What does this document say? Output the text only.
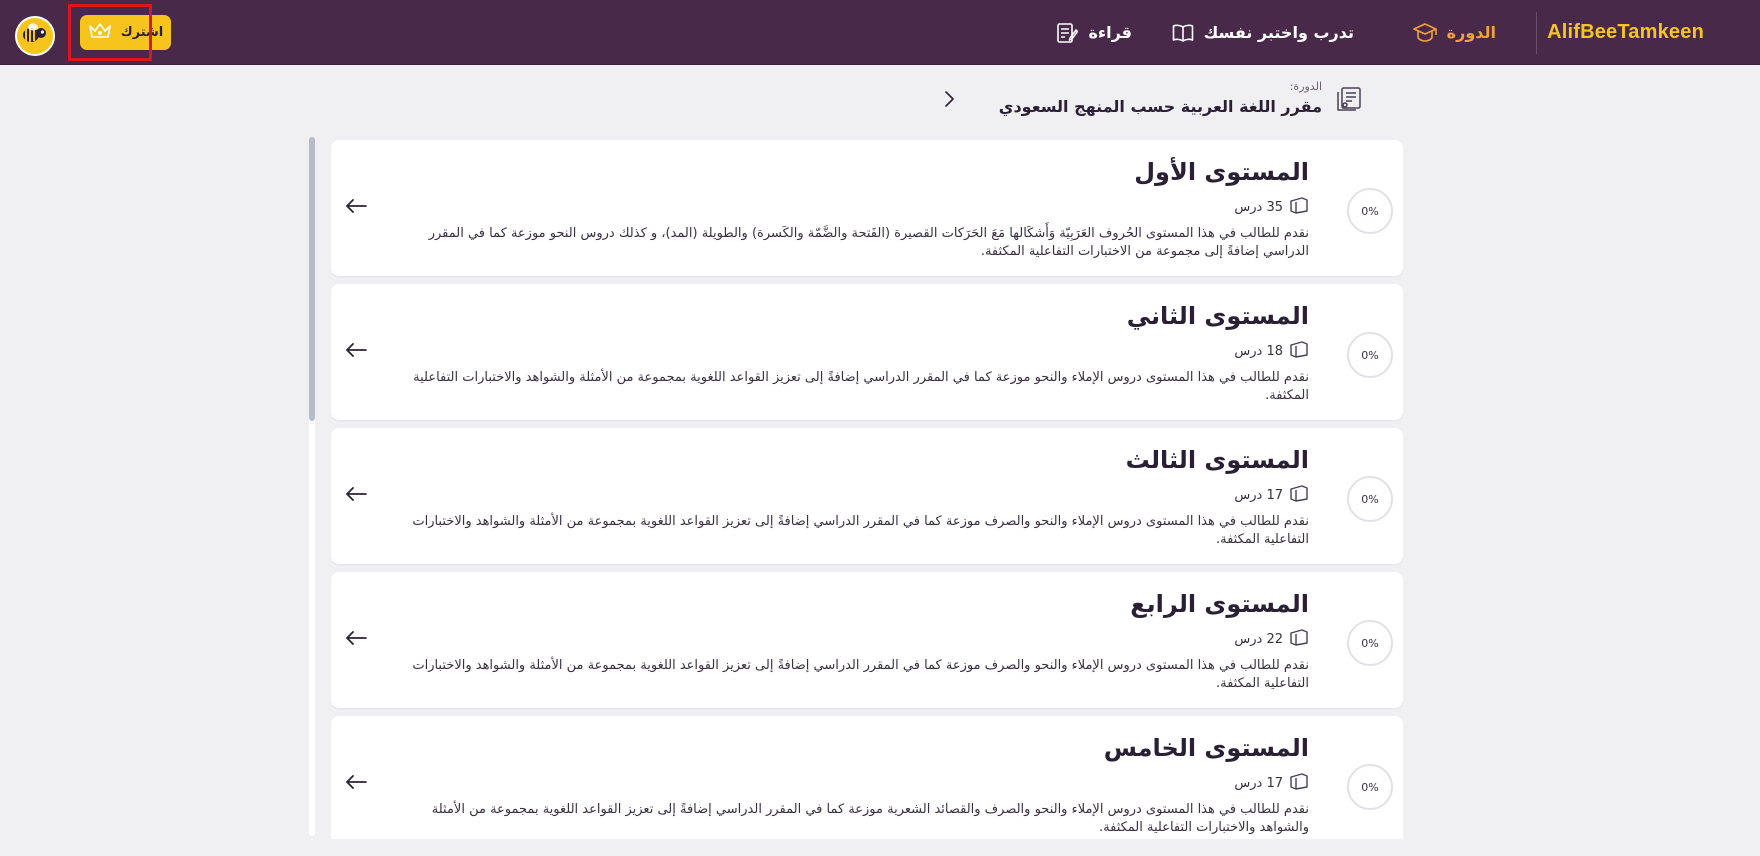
AlifBeeTamkeen
الدورة
تدرب واختبر نفسك
قراءة
اشترك
الدورة:
مقرر اللغة العربية حسب المنهج السعودي
المستوى الأول
35 درس
نقدم للطالب في هذا المستوى الحُروف العَرَبِيّة وَأَشكَالها مَعَ الحَرَكات القصيرة (الفَتحة والضَّمّة والكَسرة) والطويلة (المد)، و كذلك دروس النحو موزعة كما في المقرر الدراسي إضافةً إلى مجموعة من الاختبارات التفاعلية المكثفة.
0%
المستوى الثاني
18 درس
نقدم للطالب في هذا المستوى دروس الإملاء والنحو موزعة كما في المقرر الدراسي إضافةً إلى تعزيز القواعد اللغوية بمجموعة من الأمثلة والشواهد والاختبارات التفاعلية المكثفة.
0%
المستوى الثالث
17 درس
نقدم للطالب في هذا المستوى دروس الإملاء والنحو والصرف موزعة كما في المقرر الدراسي إضافةً إلى تعزيز القواعد اللغوية بمجموعة من الأمثلة والشواهد والاختبارات التفاعلية المكثفة.
0%
المستوى الرابع
22 درس
نقدم للطالب في هذا المستوى دروس الإملاء والنحو والصرف موزعة كما في المقرر الدراسي إضافةً إلى تعزيز القواعد اللغوية بمجموعة من الأمثلة والشواهد والاختبارات التفاعلية المكثفة.
0%
المستوى الخامس
17 درس
نقدم للطالب في هذا المستوى دروس الإملاء والنحو والصرف والقصائد الشعرية موزعة كما في المقرر الدراسي إضافةً إلى تعزيز القواعد اللغوية بمجموعة من الأمثلة والشواهد والاختبارات التفاعلية المكثفة.
0%
